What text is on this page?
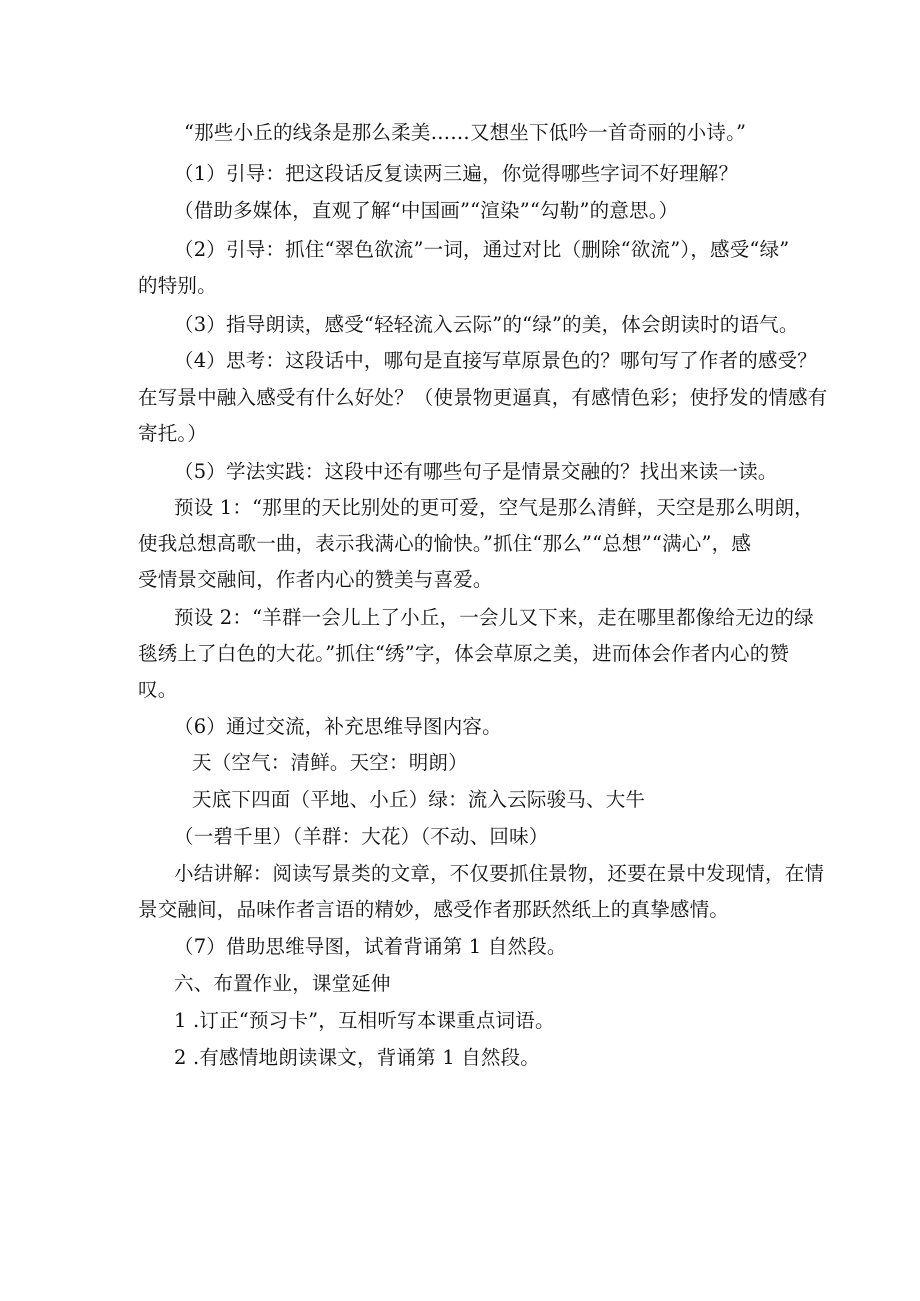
“那些小丘的线条是那么柔美……又想坐下低吟一首奇丽的小诗。”
（1）引导：把这段话反复读两三遍，你觉得哪些字词不好理解？
（借助多媒体，直观了解“中国画”“渲染”“勾勒”的意思。）
（2）引导：抓住“翠色欲流”一词，通过对比（删除“欲流”），感受“绿”
的特别。
（3）指导朗读，感受“轻轻流入云际”的“绿”的美，体会朗读时的语气。
（4）思考：这段话中，哪句是直接写草原景色的？哪句写了作者的感受？
在写景中融入感受有什么好处？（使景物更逼真，有感情色彩；使抒发的情感有
寄托。）
（5）学法实践：这段中还有哪些句子是情景交融的？找出来读一读。
预设 1：“那里的天比别处的更可爱，空气是那么清鲜，天空是那么明朗，
使我总想高歌一曲，表示我满心的愉快。”抓住“那么”“总想”“满心”，感
受情景交融间，作者内心的赞美与喜爱。
预设 2：“羊群一会儿上了小丘，一会儿又下来，走在哪里都像给无边的绿
毯绣上了白色的大花。”抓住“绣”字，体会草原之美，进而体会作者内心的赞
叹。
（6）通过交流，补充思维导图内容。
天（空气：清鲜。天空：明朗）
天底下四面（平地、小丘）绿：流入云际骏马、大牛
（一碧千里）（羊群：大花）（不动、回味）
小结讲解：阅读写景类的文章，不仅要抓住景物，还要在景中发现情，在情
景交融间，品味作者言语的精妙，感受作者那跃然纸上的真挚感情。
（7）借助思维导图，试着背诵第 1 自然段。
六、布置作业，课堂延伸
1 .订正“预习卡”，互相听写本课重点词语。
2 .有感情地朗读课文，背诵第 1 自然段。
